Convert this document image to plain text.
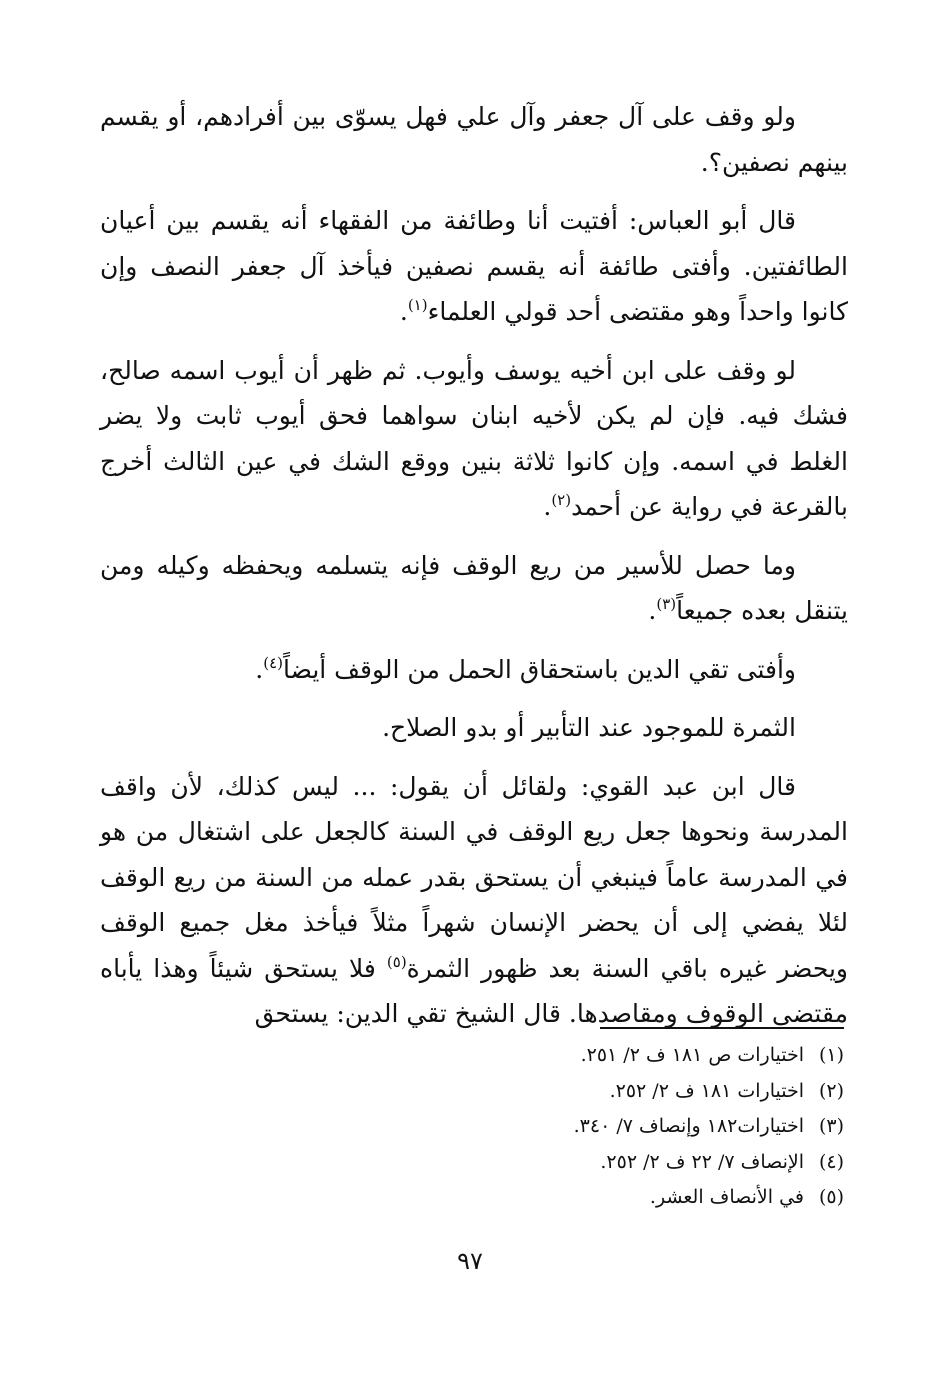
ولو وقف على آل جعفر وآل علي فهل يسوّى بين أفرادهم، أو يقسم بينهم نصفين؟.

قال أبو العباس: أفتيت أنا وطائفة من الفقهاء أنه يقسم بين أعيان الطائفتين. وأفتى طائفة أنه يقسم نصفين فيأخذ آل جعفر النصف وإن كانوا واحداً وهو مقتضى أحد قولي العلماء$^{(١)}$.

لو وقف على ابن أخيه يوسف وأيوب. ثم ظهر أن أيوب اسمه صالح، فشك فيه. فإن لم يكن لأخيه ابنان سواهما فحق أيوب ثابت ولا يضر الغلط في اسمه. وإن كانوا ثلاثة بنين ووقع الشك في عين الثالث أخرج بالقرعة في رواية عن أحمد$^{(٢)}$.

وما حصل للأسير من ريع الوقف فإنه يتسلمه ويحفظه وكيله ومن يتنقل بعده جميعاً$^{(٣)}$.

وأفتى تقي الدين باستحقاق الحمل من الوقف أيضاً$^{(٤)}$.

الثمرة للموجود عند التأبير أو بدو الصلاح.

قال ابن عبد القوي: ولقائل أن يقول: ... ليس كذلك، لأن واقف المدرسة ونحوها جعل ريع الوقف في السنة كالجعل على اشتغال من هو في المدرسة عاماً فينبغي أن يستحق بقدر عمله من السنة من ريع الوقف لئلا يفضي إلى أن يحضر الإنسان شهراً مثلاً فيأخذ مغل جميع الوقف ويحضر غيره باقي السنة بعد ظهور الثمرة$^{(٥)}$ فلا يستحق شيئاً وهذا يأباه مقتضى الوقوف ومقاصدها. قال الشيخ تقي الدين: يستحق

(١)اختيارات ص ١٨١ ف ٢/ ٢٥١.
(٢)اختيارات ١٨١ ف ٢/ ٢٥٢.
(٣)اختيارات١٨٢ وإنصاف ٧/ ٣٤٠.
(٤)الإنصاف ٧/ ٢٢ ف ٢/ ٢٥٢.
(٥)في الأنصاف العشر.
٩٧
